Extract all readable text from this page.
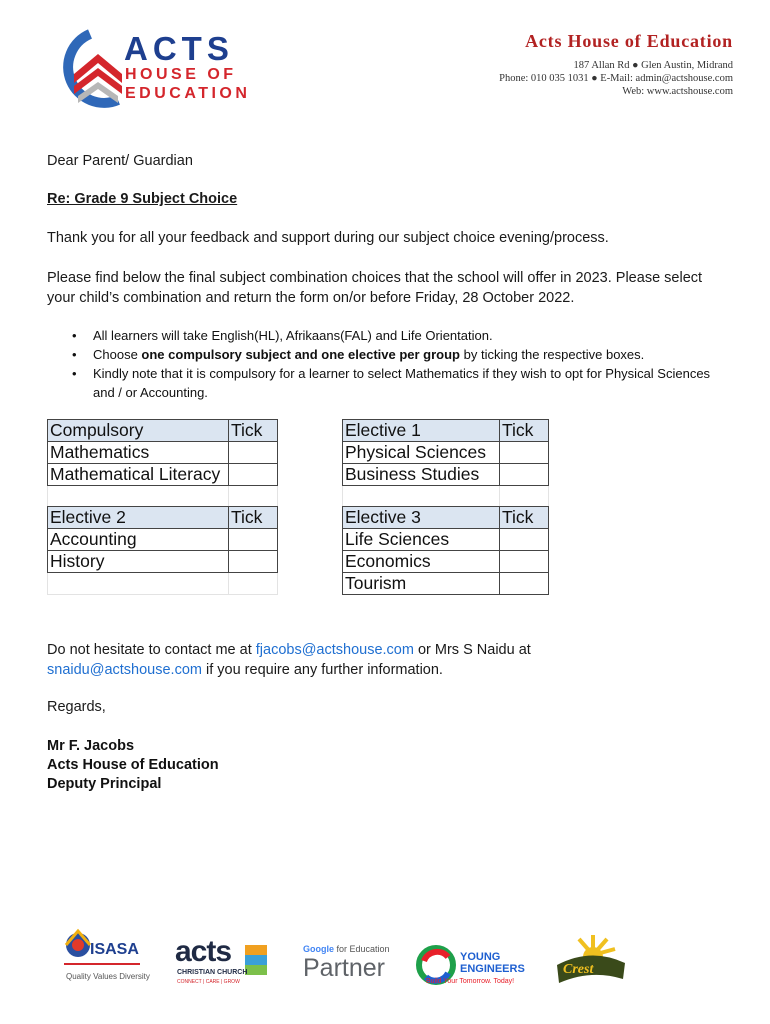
ACTS
HOUSE OF
EDUCATION
Acts House of Education
187 Allan Rd ● Glen Austin, Midrand
Phone: 010 035 1031 ● E-Mail: admin@actshouse.com
Web: www.actshouse.com
Dear Parent/ Guardian
Re: Grade 9 Subject Choice
Thank you for all your feedback and support during our subject choice evening/process.
Please find below the final subject combination choices that the school will offer in 2023. Please select your child’s combination and return the form on/or before Friday, 28 October 2022.
• All learners will take English(HL), Afrikaans(FAL) and Life Orientation.
• Choose one compulsory subject and one elective per group by ticking the respective boxes.
• Kindly note that it is compulsory for a learner to select Mathematics if they wish to opt for Physical Sciences and / or Accounting.
Compulsory	Tick
Mathematics	
Mathematical Literacy	

Elective 1	Tick
Physical Sciences	
Business Studies	

Elective 2	Tick
Accounting	
History	

Elective 3	Tick
Life Sciences	
Economics	
Tourism	
Do not hesitate to contact me at fjacobs@actshouse.com or Mrs S Naidu at
snaidu@actshouse.com if you require any further information.
Regards,
Mr F. Jacobs
Acts House of Education
Deputy Principal
ISASA
Quality Values Diversity
acts
CHRISTIAN CHURCH
CONNECT | CARE | GROW
Google for Education
Partner	YOUNG
ENGINEERS
Build Your Tomorrow. Today!
Crest
